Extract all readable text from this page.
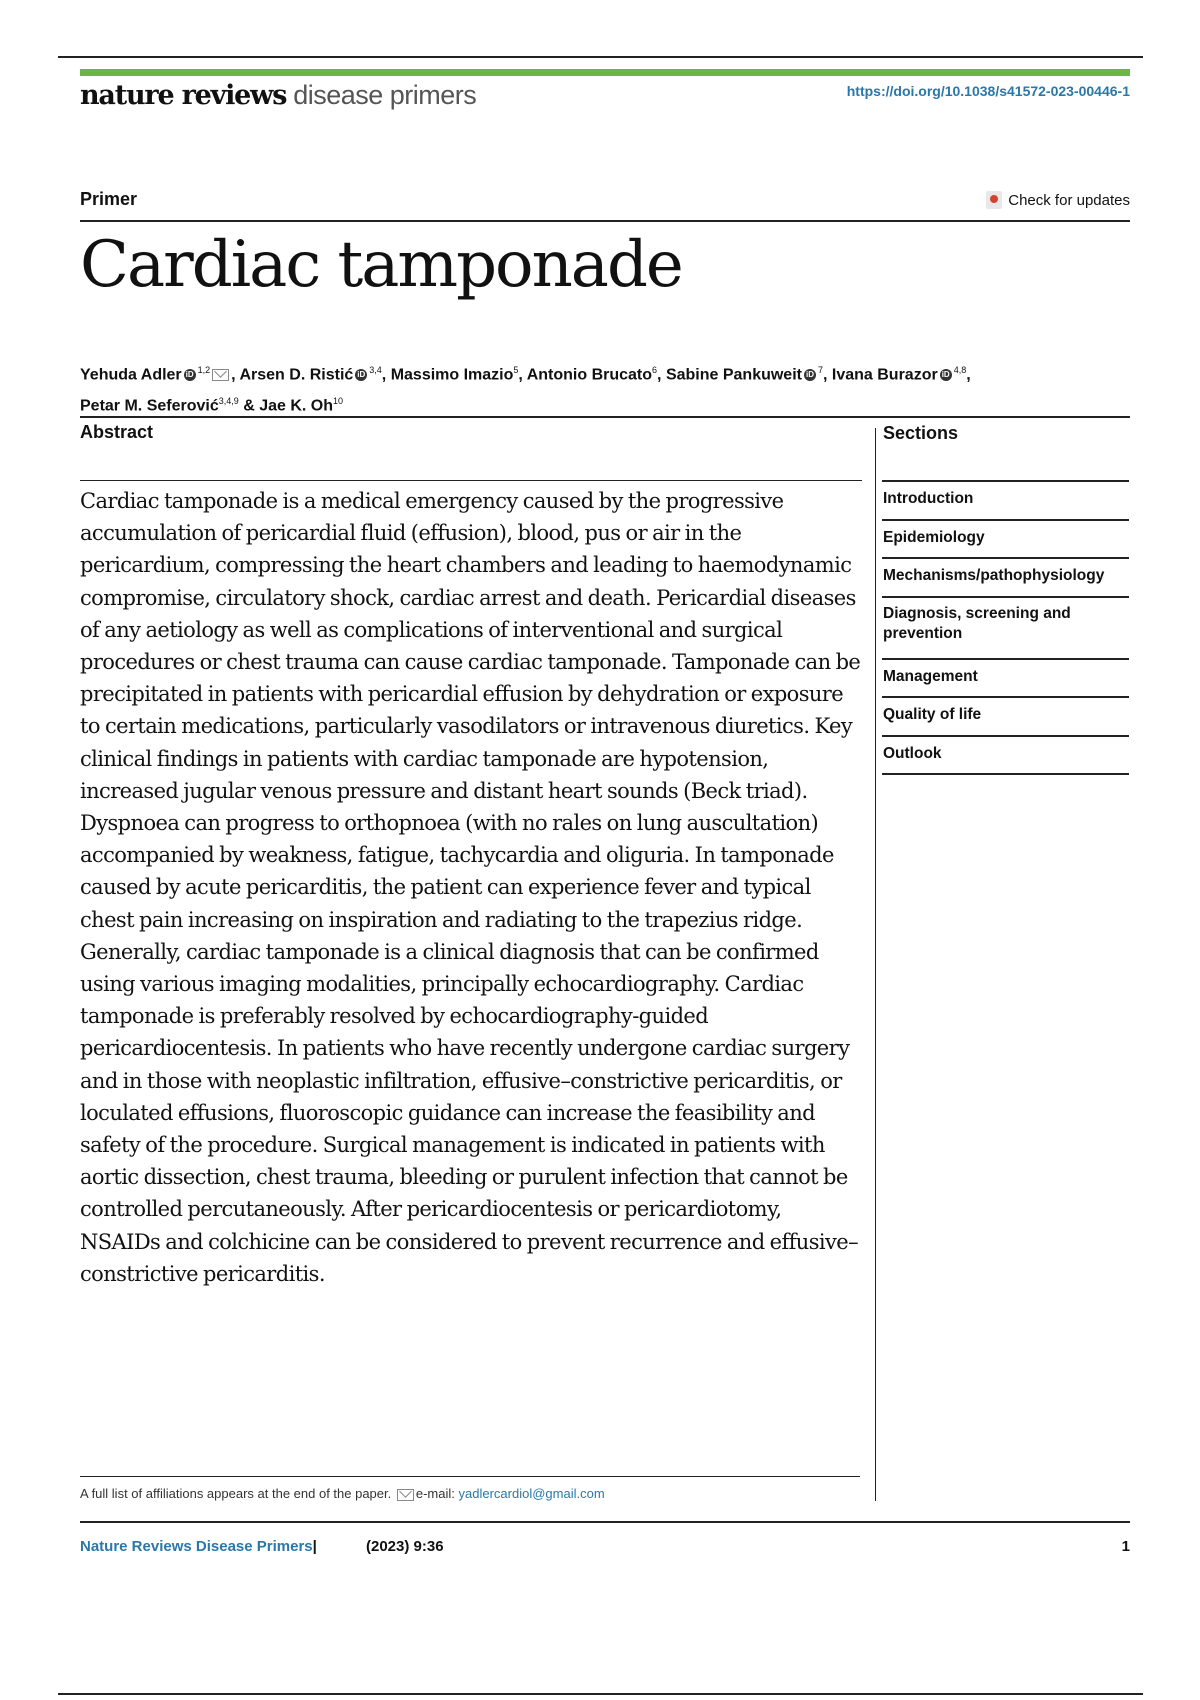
nature reviews disease primers	https://doi.org/10.1038/s41572-023-00446-1
Primer	Check for updates
Cardiac tamponade
Yehuda Adler iD $^{1,2}$ , Arsen D. Ristić iD $^{3,4}$, Massimo Imazio$^5$, Antonio Brucato$^6$, Sabine Pankuweit iD $^7$, Ivana Burazor iD $^{4,8}$,
Petar M. Seferović$^{3,4,9}$ & Jae K. Oh$^{10}$
Abstract

Cardiac tamponade is a medical emergency caused by the progressive accumulation of pericardial fluid (effusion), blood, pus or air in the pericardium, compressing the heart chambers and leading to haemodynamic compromise, circulatory shock, cardiac arrest and death. Pericardial diseases of any aetiology as well as complications of interventional and surgical procedures or chest trauma can cause cardiac tamponade. Tamponade can be precipitated in patients with pericardial effusion by dehydration or exposure to certain medications, particularly vasodilators or intravenous diuretics. Key clinical findings in patients with cardiac tamponade are hypotension, increased jugular venous pressure and distant heart sounds (Beck triad). Dyspnoea can progress to orthopnoea (with no rales on lung auscultation) accompanied by weakness, fatigue, tachycardia and oliguria. In tamponade caused by acute pericarditis, the patient can experience fever and typical chest pain increasing on inspiration and radiating to the trapezius ridge. Generally, cardiac tamponade is a clinical diagnosis that can be confirmed using various imaging modalities, principally echocardiography. Cardiac tamponade is preferably resolved by echocardiography-guided pericardiocentesis. In patients who have recently undergone cardiac surgery and in those with neoplastic infiltration, effusive–constrictive pericarditis, or loculated effusions, fluoroscopic guidance can increase the feasibility and safety of the procedure. Surgical management is indicated in patients with aortic dissection, chest trauma, bleeding or purulent infection that cannot be controlled percutaneously. After pericardiocentesis or pericardiotomy, NSAIDs and colchicine can be considered to prevent recurrence and effusive–constrictive pericarditis.

Sections
Introduction
Epidemiology
Mechanisms/pathophysiology
Diagnosis, screening and prevention
Management
Quality of life
Outlook
A full list of affiliations appears at the end of the paper. e-mail: yadlercardiol@gmail.com
Nature Reviews Disease Primers|	(2023) 9:36	1
